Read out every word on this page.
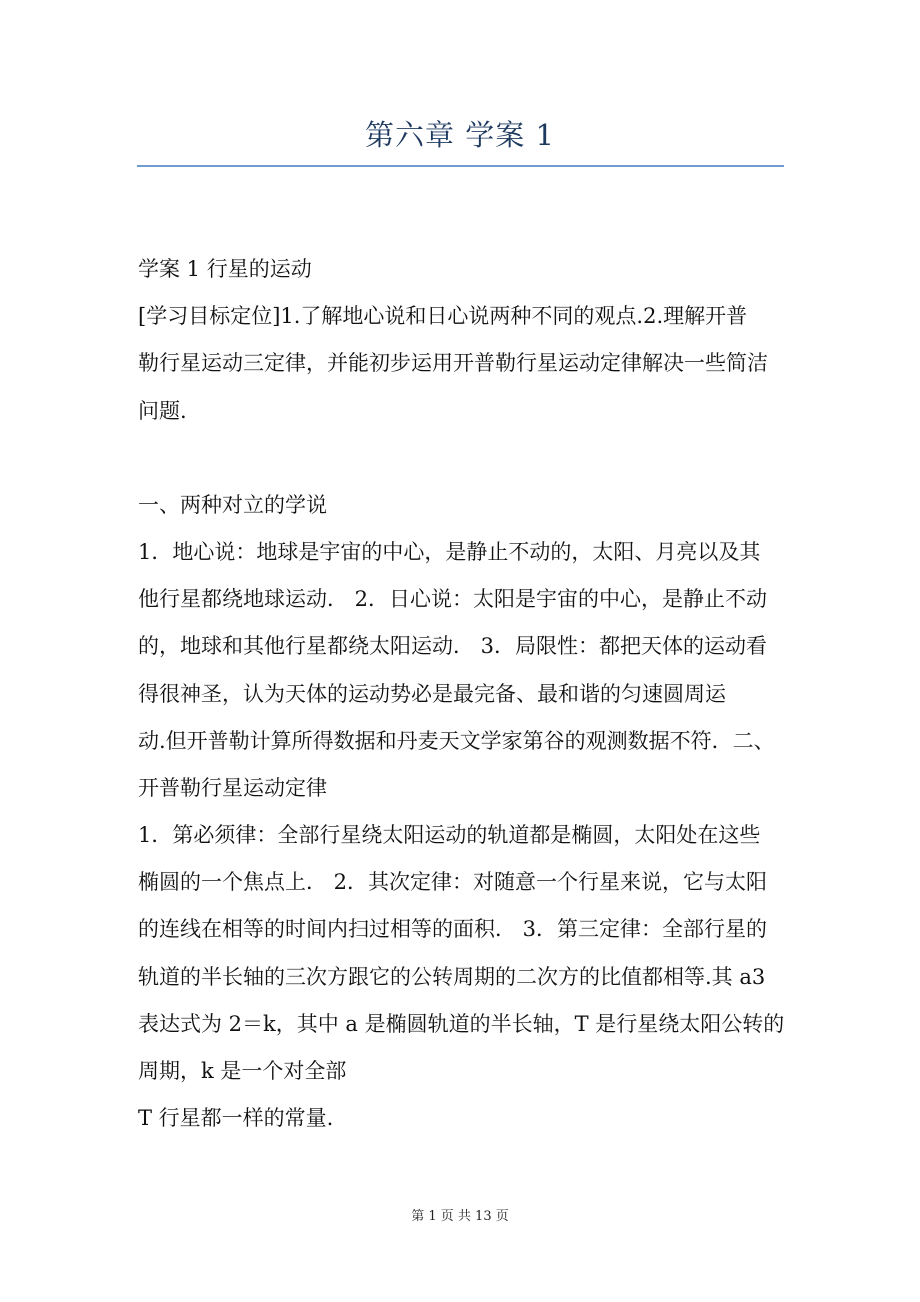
第六章 学案 1
学案 1 行星的运动
[学习目标定位]1.了解地心说和日心说两种不同的观点.2.理解开普
勒行星运动三定律，并能初步运用开普勒行星运动定律解决一些简洁
问题.
一、两种对立的学说
1．地心说：地球是宇宙的中心，是静止不动的，太阳、月亮以及其
他行星都绕地球运动． 2．日心说：太阳是宇宙的中心，是静止不动
的，地球和其他行星都绕太阳运动． 3．局限性：都把天体的运动看
得很神圣，认为天体的运动势必是最完备、最和谐的匀速圆周运
动.但开普勒计算所得数据和丹麦天文学家第谷的观测数据不符．二、
开普勒行星运动定律
1．第必须律：全部行星绕太阳运动的轨道都是椭圆，太阳处在这些
椭圆的一个焦点上． 2．其次定律：对随意一个行星来说，它与太阳
的连线在相等的时间内扫过相等的面积． 3．第三定律：全部行星的
轨道的半长轴的三次方跟它的公转周期的二次方的比值都相等.其 a3
表达式为 2＝k，其中 a 是椭圆轨道的半长轴，T 是行星绕太阳公转的
周期，k 是一个对全部
T 行星都一样的常量.
第 1 页 共 13 页
